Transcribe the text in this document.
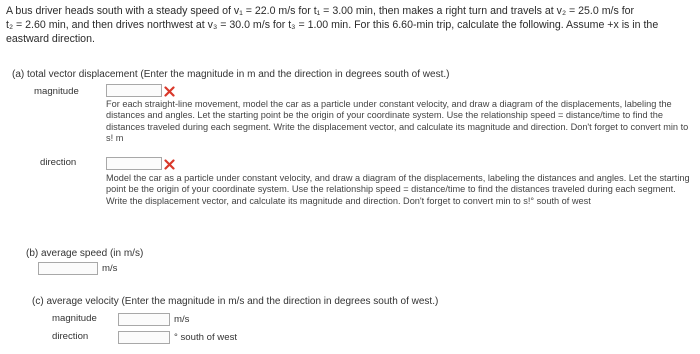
A bus driver heads south with a steady speed of v₁ = 22.0 m/s for t₁ = 3.00 min, then makes a right turn and travels at v₂ = 25.0 m/s for
t₂ = 2.60 min, and then drives northwest at v₃ = 30.0 m/s for t₃ = 1.00 min. For this 6.60-min trip, calculate the following. Assume +x is in the
eastward direction.
(a) total vector displacement (Enter the magnitude in m and the direction in degrees south of west.)
magnitude

For each straight-line movement, model the car as a particle under constant velocity, and draw a diagram of the displacements, labeling the distances and angles. Let the starting point be the origin of your coordinate system. Use the relationship speed = distance/time to find the distances traveled during each segment. Write the displacement vector, and calculate its magnitude and direction. Don't forget to convert min to s! m

direction

Model the car as a particle under constant velocity, and draw a diagram of the displacements, labeling the distances and angles. Let the starting point be the origin of your coordinate system. Use the relationship speed = distance/time to find the distances traveled during each segment. Write the displacement vector, and calculate its magnitude and direction. Don't forget to convert min to s!° south of west

(b) average speed (in m/s)
m/s
(c) average velocity (Enter the magnitude in m/s and the direction in degrees south of west.)
magnitude	m/s
direction	° south of west
